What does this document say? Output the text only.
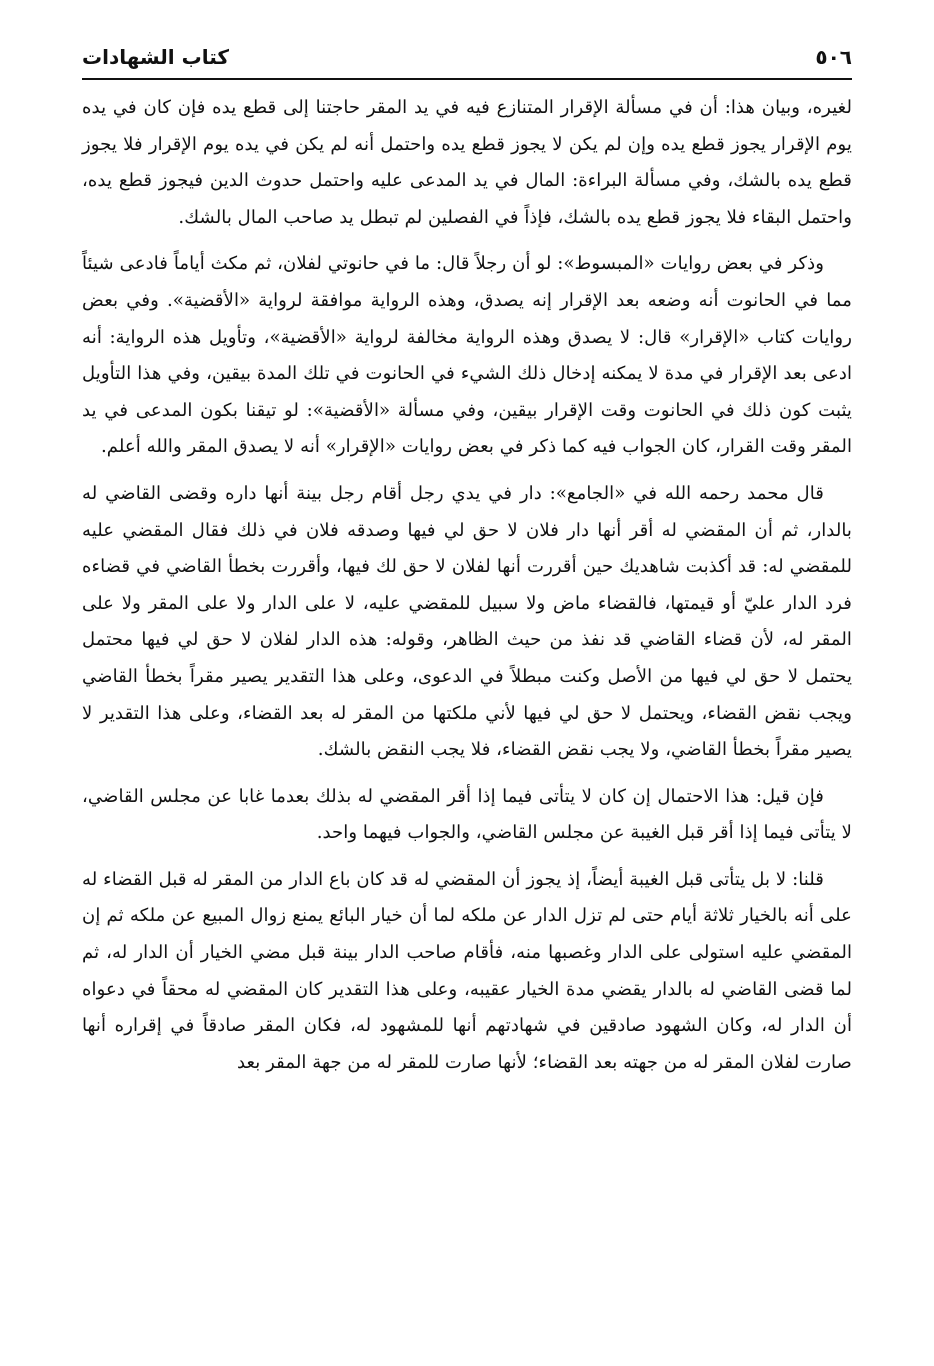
٥٠٦
كتاب الشهادات

لغيره، وبيان هذا: أن في مسألة الإقرار المتنازع فيه في يد المقر حاجتنا إلى قطع يده فإن كان في يده يوم الإقرار يجوز قطع يده وإن لم يكن لا يجوز قطع يده واحتمل أنه لم يكن في يده يوم الإقرار فلا يجوز قطع يده بالشك، وفي مسألة البراءة: المال في يد المدعى عليه واحتمل حدوث الدين فيجوز قطع يده، واحتمل البقاء فلا يجوز قطع يده بالشك، فإذاً في الفصلين لم تبطل يد صاحب المال بالشك.

وذكر في بعض روايات «المبسوط»: لو أن رجلاً قال: ما في حانوتي لفلان، ثم مكث أياماً فادعى شيئاً مما في الحانوت أنه وضعه بعد الإقرار إنه يصدق، وهذه الرواية موافقة لرواية «الأقضية». وفي بعض روايات كتاب «الإقرار» قال: لا يصدق وهذه الرواية مخالفة لرواية «الأقضية»، وتأويل هذه الرواية: أنه ادعى بعد الإقرار في مدة لا يمكنه إدخال ذلك الشيء في الحانوت في تلك المدة بيقين، وفي هذا التأويل يثبت كون ذلك في الحانوت وقت الإقرار بيقين، وفي مسألة «الأقضية»: لو تيقنا بكون المدعى في يد المقر وقت القرار، كان الجواب فيه كما ذكر في بعض روايات «الإقرار» أنه لا يصدق المقر والله أعلم.

قال محمد رحمه الله في «الجامع»: دار في يدي رجل أقام رجل بينة أنها داره وقضى القاضي له بالدار، ثم أن المقضي له أقر أنها دار فلان لا حق لي فيها وصدقه فلان في ذلك فقال المقضي عليه للمقضي له: قد أكذبت شاهديك حين أقررت أنها لفلان لا حق لك فيها، وأقررت بخطأ القاضي في قضاءه فرد الدار عليّ أو قيمتها، فالقضاء ماض ولا سبيل للمقضي عليه، لا على الدار ولا على المقر ولا على المقر له، لأن قضاء القاضي قد نفذ من حيث الظاهر، وقوله: هذه الدار لفلان لا حق لي فيها محتمل يحتمل لا حق لي فيها من الأصل وكنت مبطلاً في الدعوى، وعلى هذا التقدير يصير مقراً بخطأ القاضي ويجب نقض القضاء، ويحتمل لا حق لي فيها لأني ملكتها من المقر له بعد القضاء، وعلى هذا التقدير لا يصير مقراً بخطأ القاضي، ولا يجب نقض القضاء، فلا يجب النقض بالشك.

فإن قيل: هذا الاحتمال إن كان لا يتأتى فيما إذا أقر المقضي له بذلك بعدما غابا عن مجلس القاضي، لا يتأتى فيما إذا أقر قبل الغيبة عن مجلس القاضي، والجواب فيهما واحد.

قلنا: لا بل يتأتى قبل الغيبة أيضاً، إذ يجوز أن المقضي له قد كان باع الدار من المقر له قبل القضاء له على أنه بالخيار ثلاثة أيام حتى لم تزل الدار عن ملكه لما أن خيار البائع يمنع زوال المبيع عن ملكه ثم إن المقضي عليه استولى على الدار وغصبها منه، فأقام صاحب الدار بينة قبل مضي الخيار أن الدار له، ثم لما قضى القاضي له بالدار يقضي مدة الخيار عقيبه، وعلى هذا التقدير كان المقضي له محقاً في دعواه أن الدار له، وكان الشهود صادقين في شهادتهم أنها للمشهود له، فكان المقر صادقاً في إقراره أنها صارت لفلان المقر له من جهته بعد القضاء؛ لأنها صارت للمقر له من جهة المقر بعد
